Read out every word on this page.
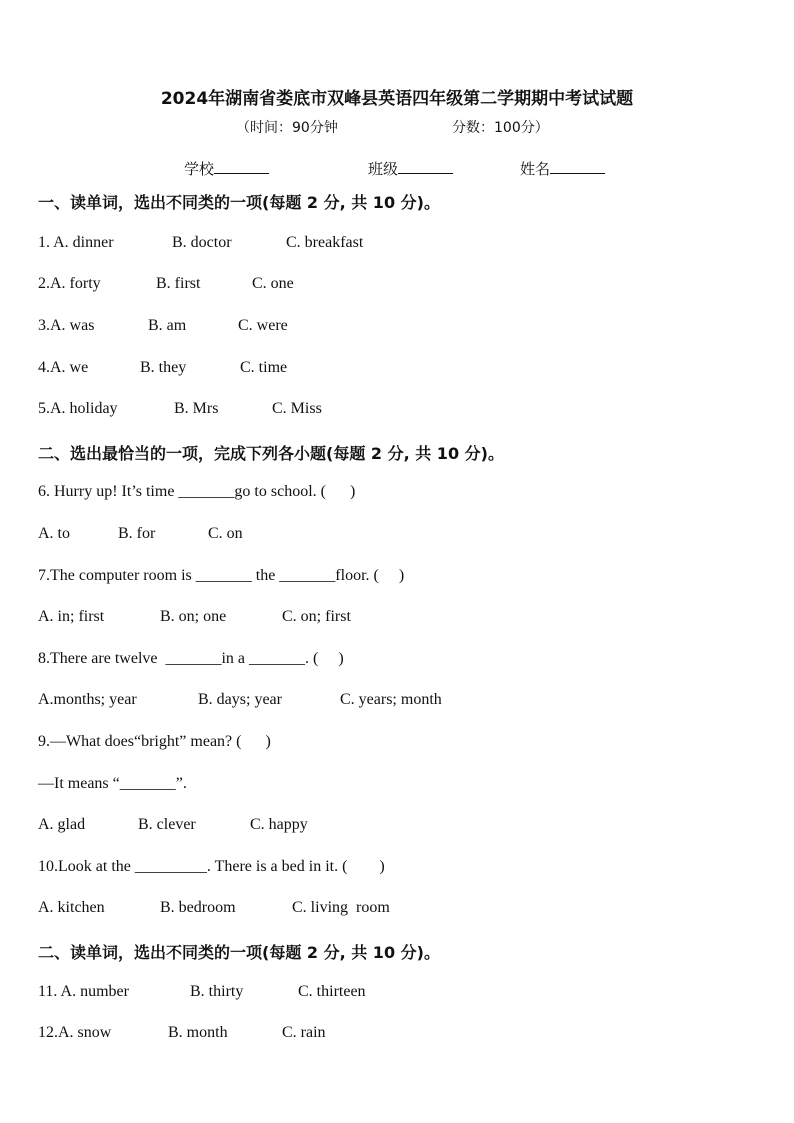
2024年湖南省娄底市双峰县英语四年级第二学期期中考试试题
（时间：90分钟	分数：100分）
学校	班级	姓名
一、读单词，选出不同类的一项(每题 2 分, 共 10 分)。
1. A. dinner	B. doctor	C. breakfast
2.A. forty	B. first	C. one
3.A. was	B. am	C. were
4.A. we	B. they	C. time
5.A. holiday	B. Mrs	C. Miss
二、选出最恰当的一项，完成下列各小题(每题 2 分, 共 10 分)。
6. Hurry up! It’s time _______go to school. (      )
A. to	B. for	C. on
7.The computer room is _______ the _______floor. (     )
A. in; first	B. on; one	C. on; first
8.There are twelve  _______in a _______. (     )
A.months; year	B. days; year	C. years; month
9.—What does“bright” mean? (      )
—It means “_______”.
A. glad	B. clever	C. happy
10.Look at the _________. There is a bed in it. (        )
A. kitchen	B. bedroom	C. living  room
二、读单词，选出不同类的一项(每题 2 分, 共 10 分)。
11. A. number	B. thirty	C. thirteen
12.A. snow	B. month	C. rain
